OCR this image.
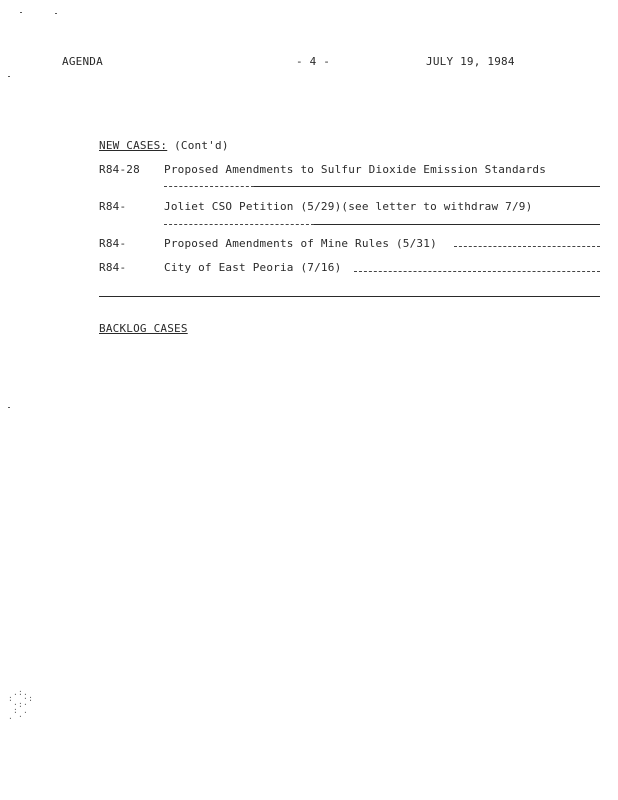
AGENDA	- 4 -	JULY 19, 1984
NEW CASES: (Cont'd)
R84-28 Proposed Amendments to Sulfur Dioxide Emission Standards
R84-	Joliet CSO Petition (5/29)(see letter to withdraw 7/9)
R84-	Proposed Amendments of Mine Rules (5/31)
R84-	City of East Peoria (7/16)
BACKLOG CASES
.:.
:  ·:
·:·
: .
. ·
